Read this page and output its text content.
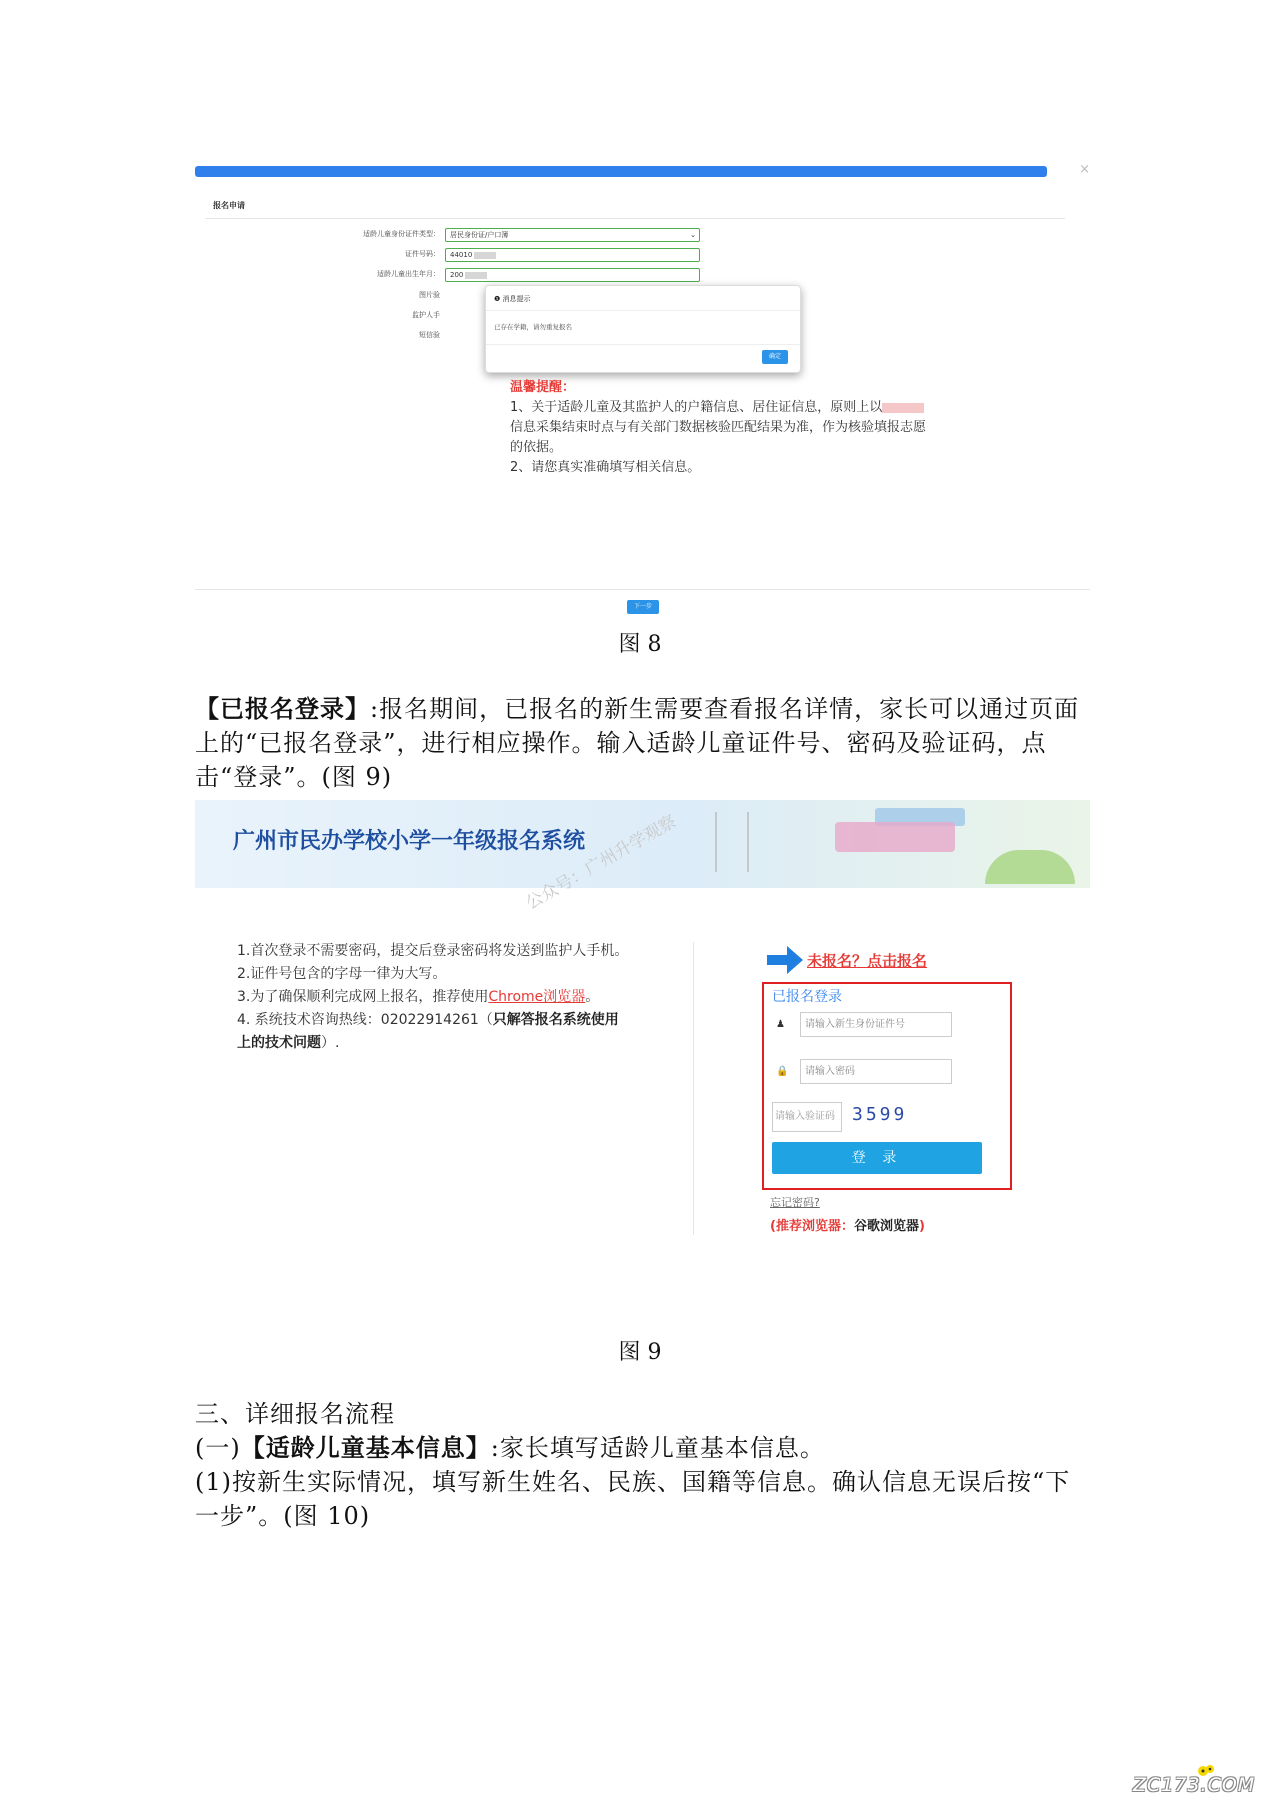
×
报名申请
适龄儿童身份证件类型：	居民身份证/户口簿	⌄
证件号码：	44010
适龄儿童出生年月：	200
图片验
监护人手
短信验
❶ 消息提示
已存在学籍，请勿重复报名
确定
温馨提醒：
1、关于适龄儿童及其监护人的户籍信息、居住证信息，原则上以信息采集结束时点与有关部门数据核验匹配结果为准，作为核验填报志愿的依据。
2、请您真实准确填写相关信息。
下一步
图 8
【已报名登录】:报名期间，已报名的新生需要查看报名详情，家长可以通过页面上的“已报名登录”，进行相应操作。输入适龄儿童证件号、密码及验证码，点击“登录”。(图 9)
广州市民办学校小学一年级报名系统
公众号：广州升学观察
1.首次登录不需要密码，提交后登录密码将发送到监护人手机。
2.证件号包含的字母一律为大写。
3.为了确保顺利完成网上报名，推荐使用Chrome浏览器。
4. 系统技术咨询热线：02022914261（只解答报名系统使用上的技术问题）.
未报名？点击报名
已报名登录
♟	请输入新生身份证件号
🔒	请输入密码
请输入验证码 3599
登 录
忘记密码?
(推荐浏览器：谷歌浏览器)
图 9
三、详细报名流程
(一)【适龄儿童基本信息】:家长填写适龄儿童基本信息。
(1)按新生实际情况，填写新生姓名、民族、国籍等信息。确认信息无误后按“下一步”。(图 10)
ZC173.COM
